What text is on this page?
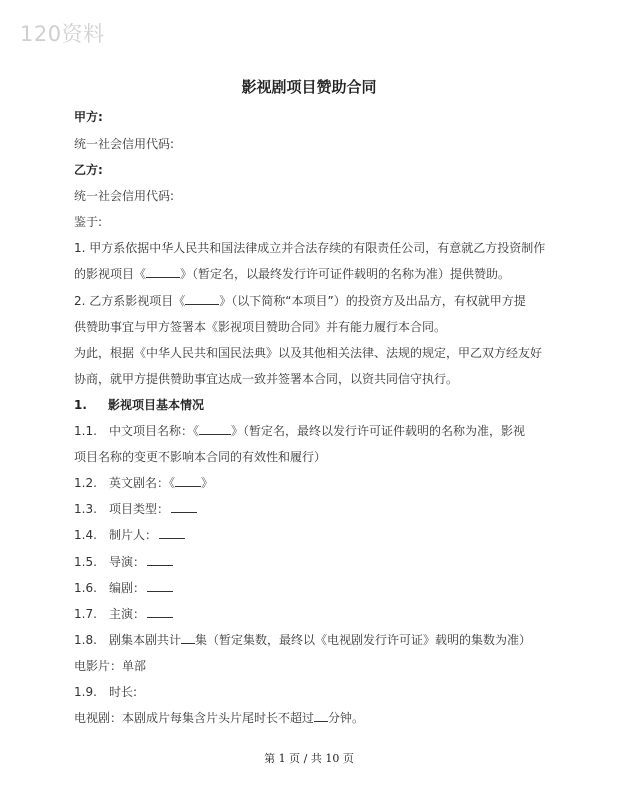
120资料
影视剧项目赞助合同
甲方:
统一社会信用代码:
乙方:
统一社会信用代码:
鉴于:
1. 甲方系依据中华人民共和国法律成立并合法存续的有限责任公司，有意就乙方投资制作
的影视项目《	》（暂定名，以最终发行许可证件载明的名称为准）提供赞助。
2. 乙方系影视项目《	》（以下简称“本项目”）的投资方及出品方，有权就甲方提
供赞助事宜与甲方签署本《影视项目赞助合同》并有能力履行本合同。
为此，根据《中华人民共和国民法典》以及其他相关法律、法规的规定，甲乙双方经友好
协商，就甲方提供赞助事宜达成一致并签署本合同，以资共同信守执行。
1. 影视项目基本情况
1.1. 中文项目名称：《	》（暂定名，最终以发行许可证件载明的名称为准，影视
项目名称的变更不影响本合同的有效性和履行）
1.2. 英文剧名：《 》
1.3. 项目类型：
1.4. 制片人：
1.5. 导演：
1.6. 编剧：
1.7. 主演：
1.8. 剧集本剧共计 集（暂定集数，最终以《电视剧发行许可证》载明的集数为准）
电影片：单部
1.9. 时长:
电视剧：本剧成片每集含片头片尾时长不超过 分钟。
第 1 页 / 共 10 页
